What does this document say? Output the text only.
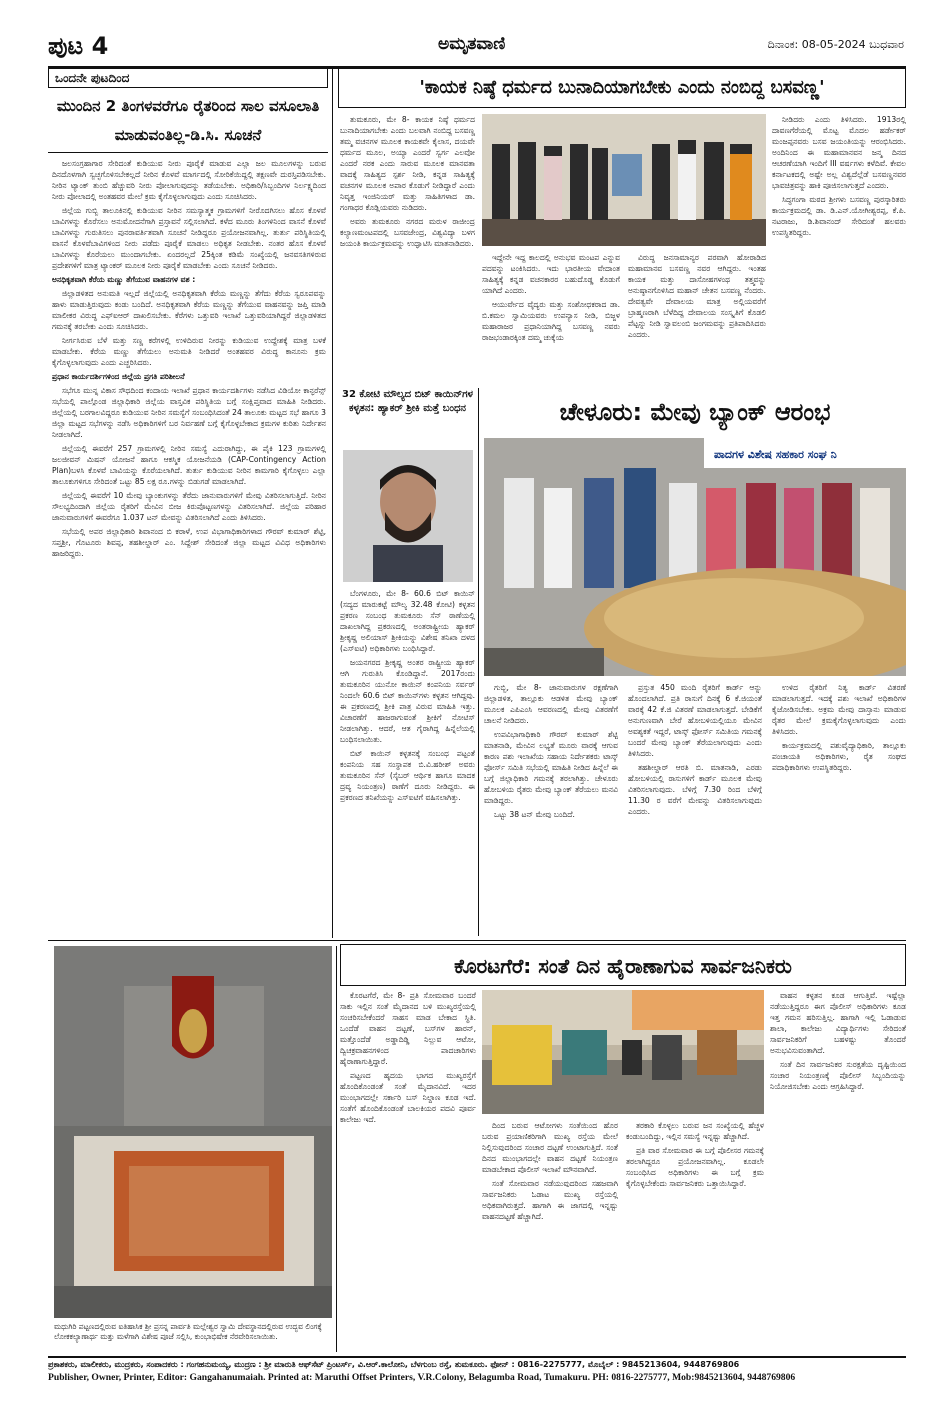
ಪುಟ 4	ಅಮೃತವಾಣಿ	ದಿನಾಂಕ: 08-05-2024 ಬುಧವಾರ
ಒಂದನೇ ಪುಟದಿಂದ
ಮುಂದಿನ 2 ತಿಂಗಳವರೆಗೂ ರೈತರಿಂದ ಸಾಲ ವಸೂಲಾತಿ ಮಾಡುವಂತಿಲ್ಲ-ಡಿ.ಸಿ. ಸೂಚನೆ

ಜಲಸಂಗ್ರಹಾಗಾರ ಸೇರಿದಂತೆ ಕುಡಿಯುವ ನೀರು ಪೂರೈಕೆ ಮಾಡುವ ಎಲ್ಲಾ ಜಲ ಮೂಲಗಳನ್ನು ಬರುವ ದಿನದೊಳಗಾಗಿ ಸ್ವಚ್ಛಗೊಳಿಸಬೇಕಲ್ಲದೆ ನೀರಿನ ಕೊಳವೆ ಮಾರ್ಗದಲ್ಲಿ ಸೋರಿಕೆಯಿದ್ದಲ್ಲಿ ತಕ್ಷಣವೇ ದುರಸ್ತಿಪಡಿಸಬೇಕು. ನೀರಿನ ಟ್ಯಾಂಕ್ ತುಂಬಿ ಹೆಚ್ಚುವರಿ ನೀರು ಪೋಲಾಗುವುದನ್ನು ತಡೆಯಬೇಕು. ಅಧಿಕಾರಿ/ಸಿಬ್ಬಂದಿಗಳ ನಿರ್ಲಕ್ಷ್ಯದಿಂದ ನೀರು ಪೋಲಾದಲ್ಲಿ ಅಂತಹವರ ಮೇಲೆ ಕ್ರಮ ಕೈಗೊಳ್ಳಲಾಗುವುದು ಎಂದು ಸೂಚಿಸಿದರು.

ಜಿಲ್ಲೆಯ ಗುಬ್ಬಿ ತಾಲೂಕಿನಲ್ಲಿ ಕುಡಿಯುವ ನೀರಿನ ಸಮಸ್ಯಾತ್ಮಕ ಗ್ರಾಮಗಳಿಗೆ ನೀರೊದಗಿಸಲು ಹೊಸ ಕೊಳವೆ ಬಾವಿಗಳನ್ನು ಕೊರೆಸಲು ಅನುಮೋದನೆಗಾಗಿ ಪ್ರಸ್ತಾವನೆ ಸಲ್ಲಿಸಲಾಗಿದೆ. ಕಳೆದ ಮೂರು ತಿಂಗಳಿನಿಂದ ವಾಸನೆ ಕೊಳವೆ ಬಾವಿಗಳನ್ನು ಗುರುತಿಸಲು ಪುನರಾವರ್ತಿತವಾಗಿ ಸೂಚನೆ ನೀಡಿದ್ದರೂ ಪ್ರಯೋಜನವಾಗಿಲ್ಲ. ತುರ್ತು ಪರಿಸ್ಥಿತಿಯಲ್ಲಿ ವಾಸನೆ ಕೊಳವೆಬಾವಿಗಳಿಂದ ನೀರು ಪಡೆದು ಪೂರೈಕೆ ಮಾಡಲು ಅಧಿಕೃತ ನೀಡಬೇಕು. ನಂತರ ಹೊಸ ಕೊಳವೆ ಬಾವಿಗಳನ್ನು ಕೊರೆಯಲು ಮುಂದಾಗಬೇಕು. ಏಂದರಲ್ಲದೆ 25ಕ್ಕಿಂತ ಕಡಿಮೆ ಸಂಖ್ಯೆಯಲ್ಲಿ ಜನವಸತಿಗಳಿರುವ ಪ್ರದೇಶಗಳಿಗೆ ಮಾತ್ರ ಟ್ಯಾಂಕರ್ ಮೂಲಕ ನೀರು ಪೂರೈಕೆ ಮಾಡಬೇಕು ಎಂದು ಸೂಚನೆ ನೀಡಿದರು.

ಅನಧಿಕೃತವಾಗಿ ಕೆರೆಯ ಮಣ್ಣು ತೆಗೆಯುವ ವಾಹನಗಳ ವಶ :

ಜಿಲ್ಲಾಡಳಿತದ ಅನುಮತಿ ಇಲ್ಲದೆ ಜಿಲ್ಲೆಯಲ್ಲಿ ಅನಧಿಕೃತವಾಗಿ ಕೆರೆಯ ಮಣ್ಣನ್ನು ತೆಗೆದು ಕೆರೆಯ ಸ್ವರೂಪವನ್ನು ಹಾಳು ಮಾಡುತ್ತಿರುವುದು ಕಂಡು ಬಂದಿದೆ. ಅನಧಿಕೃತವಾಗಿ ಕೆರೆಯ ಮಣ್ಣನ್ನು ತೆಗೆಯುವ ವಾಹನವನ್ನು ಜಪ್ತಿ ಮಾಡಿ ಮಾಲೀಕರ ವಿರುದ್ಧ ಎಫ್‌ಐಆರ್ ದಾಖಲಿಸಬೇಕು. ಕೆರೆಗಳು ಒತ್ತುವರಿ ಇಲಾಖೆ ಒತ್ತುವರಿಯಾಗಿದ್ದರೆ ಜಿಲ್ಲಾಡಳಿತದ ಗಮನಕ್ಕೆ ತರಬೇಕು ಎಂದು ಸೂಚಿಸಿದರು.

ನೀರ್ಗಸಿರುವ ಬೆಳೆ ಮತ್ತು ಸಣ್ಣ ಕರೆಗಳಲ್ಲಿ ಉಳಿದಿರುವ ನೀರನ್ನು ಕುಡಿಯುವ ಉದ್ದೇಶಕ್ಕೆ ಮಾತ್ರ ಬಳಕೆ ಮಾಡಬೇಕು. ಕೆರೆಯ ಮಣ್ಣು ತೆಗೆಯಲು ಅನುಮತಿ ನೀಡಿದರೆ ಅಂತಹವರ ವಿರುದ್ಧ ಕಾನೂನು ಕ್ರಮ ಕೈಗೊಳ್ಳಲಾಗುವುದು ಎಂದು ಎಚ್ಚರಿಸಿದರು.

ಪ್ರಧಾನ ಕಾರ್ಯದರ್ಶಿಗಳಿಂದ ಜಿಲ್ಲೆಯ ಪ್ರಗತಿ ಪರಿಶೀಲನೆ

ಸಭೆಗೂ ಮುನ್ನ ವಿಕಾಸ ಸೌಧದಿಂದ ಕಂದಾಯ ಇಲಾಖೆ ಪ್ರಧಾನ ಕಾರ್ಯದರ್ಶಿಗಳು ನಡೆಸಿದ ವಿಡಿಯೋ ಕಾನ್ಫರೆನ್ಸ್ ಸಭೆಯಲ್ಲಿ ಪಾಲ್ಗೊಂಡ ಜಿಲ್ಲಾಧಿಕಾರಿ ಜಿಲ್ಲೆಯ ವಾಸ್ತವಿಕ ಪರಿಸ್ಥಿತಿಯ ಬಗ್ಗೆ ಸಂಕ್ಷಿಪ್ತವಾದ ಮಾಹಿತಿ ನೀಡಿದರು. ಜಿಲ್ಲೆಯಲ್ಲಿ ಬರಗಾಲವಿದ್ದರೂ ಕುಡಿಯುವ ನೀರಿನ ಸಮಸ್ಯೆಗೆ ಸಂಬಂಧಿಸಿದಂತೆ 24 ತಾಲೂಕು ಮಟ್ಟದ ಸಭೆ ಹಾಗೂ 3 ಜಿಲ್ಲಾ ಮಟ್ಟದ ಸಭೆಗಳನ್ನು ನಡೆಸಿ ಅಧಿಕಾರಿಗಳಿಗೆ ಬರ ನಿರ್ವಹಣೆ ಬಗ್ಗೆ ಕೈಗೊಳ್ಳಬೇಕಾದ ಕ್ರಮಗಳ ಕುರಿತು ನಿರ್ದೇಶನ ನೀಡಲಾಗಿದೆ.

ಜಿಲ್ಲೆಯಲ್ಲಿ ಈವರೆಗೆ 257 ಗ್ರಾಮಗಳಲ್ಲಿ ನೀರಿನ ಸಮಸ್ಯೆ ಎದುರಾಗಿದ್ದು, ಈ ಪೈಕಿ 123 ಗ್ರಾಮಗಳಲ್ಲಿ ಜಲಜೀವನ್ ಮಿಷನ್ ಯೋಜನೆ ಹಾಗೂ ಆಕಸ್ಮಿಕ ಯೋಜನೆಯಡಿ (CAP-Contingency Action Plan)ಬಳಸಿ ಕೊಳವೆ ಬಾವಿಯನ್ನು ಕೊರೆಯಲಾಗಿದೆ. ತುರ್ತು ಕುಡಿಯುವ ನೀರಿನ ಕಾಮಗಾರಿ ಕೈಗೊಳ್ಳಲು ಎಲ್ಲಾ ತಾಲೂಕುಗಳಿಗೂ ಸೇರಿದಂತೆ ಒಟ್ಟು 85 ಲಕ್ಷ ರೂ.ಗಳನ್ನು ಬಿಡುಗಡೆ ಮಾಡಲಾಗಿದೆ.

ಜಿಲ್ಲೆಯಲ್ಲಿ ಈವರೆಗೆ 10 ಮೇವು ಬ್ಯಾಂಕುಗಳನ್ನು ತೆರೆದು ಜಾನುವಾರುಗಳಿಗೆ ಮೇವು ವಿತರಿಸಲಾಗುತ್ತಿದೆ. ನೀರಿನ ಸೌಲಭ್ಯದಿಂದಾಗಿ ಜಿಲ್ಲೆಯ ರೈತರಿಗೆ ಮೇವಿನ ಬೀಜ ಕಿರುಪೊಟ್ಟಣಗಳನ್ನು ವಿತರಿಸಲಾಗಿದೆ. ಜಿಲ್ಲೆಯ ಪರಿಹಾರ ಜಾನುವಾರುಗಳಿಗೆ ಈವರೆಗೂ 1.037 ಟನ್ ಮೇವನ್ನು ವಿತರಿಸಲಾಗಿದೆ ಎಂದು ತಿಳಿಸಿದರು.

ಸಭೆಯಲ್ಲಿ ಅಪರ ಜಿಲ್ಲಾಧಿಕಾರಿ ಶಿವಾನಂದ ಬಿ ಕರಾಳೆ, ಉಪ ವಿಭಾಗಾಧಿಕಾರಿಗಳಾದ ಗೌರವ್ ಕುಮಾರ್ ಶೆಟ್ಟಿ, ಸಪ್ತಶ್ರೀ, ಗೊಟೂರು ಶಿವಪ್ಪ, ತಹಶೀಲ್ದಾರ್ ಎಂ. ಸಿದ್ದೇಶ್ ಸೇರಿದಂತೆ ಜಿಲ್ಲಾ ಮಟ್ಟದ ವಿವಿಧ ಅಧಿಕಾರಿಗಳು ಹಾಜರಿದ್ದರು.

'ಕಾಯಕ ನಿಷ್ಠೆ ಧರ್ಮದ ಬುನಾದಿಯಾಗಬೇಕು ಎಂದು ನಂಬಿದ್ದ ಬಸವಣ್ಣ'

ತುಮಕೂರು, ಮೇ 8- ಕಾಯಕ ನಿಷ್ಠೆ ಧರ್ಮದ ಬುನಾದಿಯಾಗಬೇಕು ಎಂದು ಬಲವಾಗಿ ನಂಬಿದ್ದ ಬಸವಣ್ಣ ತಮ್ಮ ವಚನಗಳ ಮೂಲಕ ಕಾಯಕವೇ ಕೈಲಾಸ, ದಯವೇ ಧರ್ಮದ ಮೂಲ, ಅಯ್ಯಾ ಎಂದರೆ ಸ್ವರ್ಗ ಎಲವೋ ಎಂದರೆ ನರಕ ಎಂದು ಸಾರುವ ಮೂಲಕ ಮಾನವತಾ ವಾದಕ್ಕೆ ಸಾಹಿತ್ಯದ ಸ್ಪರ್ಶ ನೀಡಿ, ಕನ್ನಡ ಸಾಹಿತ್ಯಕ್ಕೆ ವಚನಗಳ ಮೂಲಕ ಅಪಾರ ಕೊಡುಗೆ ನೀಡಿದ್ದಾರೆ ಎಂದು ನಿವೃತ್ತ ಇಂಜಿನಿಯರ್ ಮತ್ತು ಸಾಹಿತಿಗಳಾದ ಡಾ. ಗಂಗಾಧರ ಕೊಡ್ಲಿಯವರು ನುಡಿದರು.

ಅವರು ತುಮಕೂರು ನಗರದ ಮರುಳ ರಾಜೀಂದ್ರ ಕಲ್ಯಾಣಮಂಟಪದಲ್ಲಿ ಬಸವಜೇಂದ್ರ, ವಿಶ್ವವಿದ್ಯಾ ಬಳಗ ಜಯಂತಿ ಕಾರ್ಯಕ್ರಮವನ್ನು ಉದ್ಘಾಟಿಸಿ ಮಾತನಾಡಿದರು.

ನೀಡಿದರು ಎಂದು ತಿಳಿಸಿದರು. 1913ರಲ್ಲಿ ದಾವಣಗೆರೆಯಲ್ಲಿ ಮೊಟ್ಟ ಮೊದಲ ಹರ್ಡೇಕರ್ ಮಂಜಪ್ಪನವರು ಬಸವ ಜಯಂತಿಯನ್ನು ಆರಂಭಿಸಿದರು. ಅಂದಿನಿಂದ ಈ ಮಹಾಮಾನವನ ಜನ್ಮ ದಿನದ ಆಚರಣೆಯಾಗಿ ಇಂದಿಗೆ III ವರ್ಷಗಳು ಕಳೆದಿವೆ. ಕೇವಲ ಕರ್ನಾಟಕದಲ್ಲಿ ಅಷ್ಟೇ ಅಲ್ಲ ವಿಶ್ವದೆಲ್ಲೆಡೆ ಬಸವಣ್ಣನವರ ಭಾವಚಿತ್ರವನ್ನು ಹಾಕಿ ಪೂಜಿಸಲಾಗುತ್ತದೆ ಎಂದರು.

ಸಿದ್ಧಗಂಗಾ ಮಠದ ಶ್ರೀಗಳು ಬಸವಣ್ಣ ಪುರಸ್ಕಾರಿತರು ಕಾರ್ಯಕ್ರಮದಲ್ಲಿ ಡಾ. ಡಿ.ಎನ್.ಯೋಗೀಶ್ವರಪ್ಪ, ಕೆ.ಪಿ. ನಟರಾಜು, ಡಿ.ಶಿವಾನಂದ್ ಸೇರಿದಂತೆ ಹಲವರು ಉಪಸ್ಥಿತರಿದ್ದರು.

ಇದ್ದೇನೇ ಇದ್ದ ಕಾಲದಲ್ಲಿ ಅನುಭವ ಮಂಟಪ ಎನ್ನುವ ಪದವನ್ನು ಟಂಕಿಸಿದರು. ಇದು ಭಾರತೀಯ ವೇದಾಂತ ಸಾಹಿತ್ಯಕ್ಕೆ ಕನ್ನಡ ವಚನಕಾರರ ಬಹುದೊಡ್ಡ ಕೊಡುಗೆ ಯಾಗಿದೆ ಎಂದರು.

ಆಯುರ್ವೇದ ವೈದ್ಯರು ಮತ್ತು ಸಂಶೋಧಕರಾದ ಡಾ. ಬಿ.ಕಮಲ ಸ್ವಾಮಿಯವರು ಉಪನ್ಯಾಸ ನೀಡಿ, ಬಿಜ್ಜಳ ಮಹಾರಾಜರ ಪ್ರಧಾನಿಯಾಗಿದ್ದ ಬಸವಣ್ಣ ನವರು ರಾಜಭಂಡಾರಕ್ಕಿಂತ ದಮ್ಮ ಚುಕ್ಕೆಯ

ವಿರುದ್ಧ ಜನಸಾಮಾನ್ಯರ ಪರವಾಗಿ ಹೋರಾಡಿದ ಮಹಾಮಾನವ ಬಸವಣ್ಣ ನವರ ಆಗಿದ್ದರು. ಇಂತಹ ಕಾಯಕ ಮತ್ತು ದಾಸೋಹಗಳಂಥ ತತ್ತ್ವವನ್ನು ಅನುಷ್ಠಾನಗೊಳಿಸಿದ ಮಹಾನ್ ಚೇತನ ಬಸವಣ್ಣ ನೆಂದರು. ದೇವತ್ವವೇ ದೇವಾಲಯ ಮಾತ್ರ ಅಲ್ಲಿಯವರೆಗೆ ಬ್ರಾಹ್ಮಣರಾಗಿ ಬೆಳೆದಿದ್ದ ದೇವಾಲಯ ಸಂಸ್ಕೃತಿಗೆ ಕೊಡಲಿ ಪೆಟ್ಟನ್ನು ನೀಡಿ ಸ್ವಾವಲಂಬಿ ಜಂಗಮವನ್ನು ಪ್ರತಿಪಾದಿಸಿದರು ಎಂದರು.

32 ಕೋಟಿ ಮೌಲ್ಯದ ಬಿಟ್ ಕಾಯಿನ್‌ಗಳ ಕಳ್ಳತನ: ಹ್ಯಾಕರ್ ಶ್ರೀಕಿ ಮತ್ತೆ ಬಂಧನ

ಬೆಂಗಳೂರು, ಮೇ 8- 60.6 ಬಿಟ್ ಕಾಯಿನ್ (ಸದ್ಯದ ಮಾರುಕಟ್ಟೆ ಮೌಲ್ಯ 32.48 ಕೋಟಿ) ಕಳ್ಳತನ ಪ್ರಕರಣ ಸಂಬಂಧ ತುಮಕೂರು ಸೆನ್ ಠಾಣೆಯಲ್ಲಿ ದಾಖಲಾಗಿದ್ದ ಪ್ರಕರಣದಲ್ಲಿ ಅಂತರಾಷ್ಟ್ರೀಯ ಹ್ಯಾಕರ್ ಶ್ರೀಕೃಷ್ಣ ಅಲಿಯಾಸ್ ಶ್ರೀಕಿಯನ್ನು ವಿಶೇಷ ತನಿಖಾ ದಳದ (ಎಸ್‌ಐಟಿ) ಅಧಿಕಾರಿಗಳು ಬಂಧಿಸಿದ್ದಾರೆ.

ಜಯನಗರದ ಶ್ರೀಕೃಷ್ಣ ಅಂತರ ರಾಷ್ಟ್ರೀಯ ಹ್ಯಾಕರ್ ಆಗಿ ಗುರುತಿಸಿ ಕೊಂಡಿದ್ದಾನೆ. 2017ರಂದು ತುಮಕೂರಿನ ಯುನೋ ಕಾಯಿನ್ ಕಂಪನಿಯ ಸರ್ವರ್ ನಿಂದಲೇ 60.6 ಬಿಟ್ ಕಾಯಿನ್‌ಗಳು ಕಳ್ಳತನ ಆಗಿದ್ದವು. ಈ ಪ್ರಕರಣದಲ್ಲಿ ಶ್ರೀಕಿ ಪಾತ್ರ ವಿರುವ ಮಾಹಿತಿ ಇತ್ತು. ವಿಚಾರಣೆಗೆ ಹಾಜರಾಗುವಂತೆ ಶ್ರೀಕಿಗೆ ನೋಟಿಸ್ ನೀಡಲಾಗಿತ್ತು. ಆದರೆ, ಆತ ಗೈರಾಗಿದ್ದ ಹಿನ್ನೆಲೆಯಲ್ಲಿ ಬಂಧಿಸಲಾಯಿತು.

ಬಿಟ್ ಕಾಯಿನ್ ಕಳ್ಳತನಕ್ಕೆ ಸಂಬಂಧ ಪಟ್ಟಂತೆ ಕಂಪನಿಯ ಸಹ ಸಂಸ್ಥಾಪಕ ಬಿ.ವಿ.ಹರೀಶ್ ಅವರು ತುಮಕೂರಿನ ಸೆನ್ (ಸೈಬರ್ ಆರ್ಥಿಕ ಹಾಗೂ ಮಾದಕ ದ್ರವ್ಯ ನಿಯಂತ್ರಣ) ಠಾಣೆಗೆ ದೂರು ನೀಡಿದ್ದರು. ಈ ಪ್ರಕರಣದ ತನಿಖೆಯನ್ನು ಎಸ್‌ಐಟಿಗೆ ವಹಿಸಲಾಗಿತ್ತು.

ಚೇಳೂರು: ಮೇವು ಬ್ಯಾಂಕ್ ಆರಂಭ
ಪಾದಗಳ ವಿಶೇಷ ಸಹಕಾರ ಸಂಘ ನಿ

ಗುಬ್ಬಿ, ಮೇ 8- ಜಾನುವಾರುಗಳ ರಕ್ಷಣೆಗಾಗಿ ಜಿಲ್ಲಾಡಳಿತ, ತಾಲ್ಲೂಕು ಆಡಳಿತ ಮೇವು ಬ್ಯಾಂಕ್ ಮೂಲಕ ಎಪಿಎಂಸಿ ಆವರಣದಲ್ಲಿ ಮೇವು ವಿತರಣೆಗೆ ಚಾಲನೆ ನೀಡಿದರು.

ಉಪವಿಭಾಗಾಧಿಕಾರಿ ಗೌರವ್ ಕುಮಾರ್ ಶೆಟ್ಟಿ ಮಾತನಾಡಿ, ಮೇವಿನ ಲಭ್ಯತೆ ಮೂರು ವಾರಕ್ಕೆ ಆಗುವ ಕಾರಣ ಪಶು ಇಲಾಖೆಯ ಸಹಾಯ ನಿರ್ದೇಶಕರು ಟಾಸ್ಕ್ ಫೋರ್ಸ್ ಸಮಿತಿ ಸಭೆಯಲ್ಲಿ ಮಾಹಿತಿ ನೀಡಿದ ಹಿನ್ನೆಲೆ ಈ ಬಗ್ಗೆ ಜಿಲ್ಲಾಧಿಕಾರಿ ಗಮನಕ್ಕೆ ತರಲಾಗಿತ್ತು. ಚೇಳೂರು ಹೋಬಳಿಯ ರೈತರು ಮೇವು ಬ್ಯಾಂಕ್ ತೆರೆಯಲು ಮನವಿ ಮಾಡಿದ್ದರು.

ಒಟ್ಟು 38 ಟನ್ ಮೇವು ಬಂದಿದೆ.

ಪ್ರಸ್ತುತ 450 ಮಂದಿ ರೈತರಿಗೆ ಕಾರ್ಡ್ ಆನ್ನು ಹೊಂದಲಾಗಿದೆ. ಪ್ರತಿ ರಾಸುಗೆ ದಿನಕ್ಕೆ 6 ಕೆ.ಜಿಯಂತೆ ವಾರಕ್ಕೆ 42 ಕೆ.ಜಿ ವಿತರಣೆ ಮಾಡಲಾಗುತ್ತದೆ. ಬೇಡಿಕೆಗೆ ಅನುಗುಣವಾಗಿ ಬೇರೆ ಹೋಬಳಿಯಲ್ಲಿಯೂ ಮೇವಿನ ಅವಶ್ಯಕತೆ ಇದ್ದರೆ, ಟಾಸ್ಕ್ ಫೋರ್ಸ್ ಸಮಿತಿಯ ಗಮನಕ್ಕೆ ಬಂದರೆ ಮೇವು ಬ್ಯಾಂಕ್ ತೆರೆಯಲಾಗುವುದು ಎಂದು ತಿಳಿಸಿದರು.

ತಹಶೀಲ್ದಾರ್ ಆರತಿ ಬಿ. ಮಾತನಾಡಿ, ಎರಡು ಹೋಬಳಿಯಲ್ಲಿ ರಾಸುಗಳಿಗೆ ಕಾರ್ಡ್ ಮೂಲಕ ಮೇವು ವಿತರಿಸಲಾಗುವುದು. ಬೆಳಿಗ್ಗೆ 7.30 ರಿಂದ ಬೆಳಿಗ್ಗೆ 11.30 ರ ವರೆಗೆ ಮೇವನ್ನು ವಿತರಿಸಲಾಗುವುದು ಎಂದರು.

ಉಳಿದ ರೈತರಿಗೆ ನಿತ್ಯ ಕಾರ್ಡ್ ವಿತರಣೆ ಮಾಡಲಾಗುತ್ತದೆ. ಇದಕ್ಕೆ ಪಶು ಇಲಾಖೆ ಅಧಿಕಾರಿಗಳ ಕೈಜೋಡಿಸಬೇಕು. ಅಕ್ರಮ ಮೇವು ದಾಸ್ತಾನು ಮಾಡುವ ರೈತರ ಮೇಲೆ ಕ್ರಮಕೈಗೊಳ್ಳಲಾಗುವುದು ಎಂದು ತಿಳಿಸಿದರು.

ಕಾರ್ಯಕ್ರಮದಲ್ಲಿ ಪಶುವೈದ್ಯಾಧಿಕಾರಿ, ತಾಲ್ಲೂಕು ಪಂಚಾಯತಿ ಅಧಿಕಾರಿಗಳು, ರೈತ ಸಂಘದ ಪದಾಧಿಕಾರಿಗಳು ಉಪಸ್ಥಿತರಿದ್ದರು.

ಮಧುಗಿರಿ ಪಟ್ಟಣದಲ್ಲಿರುವ ಐತಿಹಾಸಿಕ ಶ್ರೀ ಪ್ರಸನ್ನ ಪಾರ್ವತಿ ಮಲ್ಲೇಶ್ವರ ಸ್ವಾಮಿ ದೇವಸ್ಥಾನದಲ್ಲಿರುವ ಉದ್ಭವ ಲಿಂಗಕ್ಕೆ ಲೋಕಕಲ್ಯಾಣಾರ್ಥ ಮತ್ತು ಮಳೆಗಾಗಿ ವಿಶೇಷ ಪೂಜೆ ಸಲ್ಲಿಸಿ, ಕುಂಭಾಭಿಷೇಕ ನೆರವೇರಿಸಲಾಯಿತು.
ಕೊರಟಗೆರೆ: ಸಂತೆ ದಿನ ಹೈರಾಣಾಗುವ ಸಾರ್ವಜನಿಕರು

ಕೊರಟಗೆರೆ, ಮೇ 8- ಪ್ರತಿ ಸೋಮವಾರ ಬಂದರೆ ಸಾಕು ಇಲ್ಲಿನ ಸಂತೆ ಮೈದಾನದ ಬಳಿ ಮುಖ್ಯರಸ್ತೆಯಲ್ಲಿ ಸಂಚರಿಸಬೇಕೆಂದರೆ ಸಾಹಸ ಮಾಡ ಬೇಕಾದ ಸ್ಥಿತಿ. ಒಂದೆಡೆ ವಾಹನ ದಟ್ಟಣೆ, ಬಸ್‌ಗಳ ಹಾರನ್, ಮತ್ತೊಂದೆಡೆ ಅಡ್ಡಾದಿಡ್ಡಿ ನಿಲ್ಲುವ ಆಟೋ, ದ್ವಿಚಕ್ರವಾಹನಗಳಿಂದ ಪಾದಚಾರಿಗಳು ಹೈರಾಣಾಗುತ್ತಿದ್ದಾರೆ.

ಪಟ್ಟಣದ ಹೃದಯ ಭಾಗದ ಮುಖ್ಯರಸ್ತೆಗೆ ಹೊಂದಿಕೊಂಡಂತೆ ಸಂತೆ ಮೈದಾನವಿದೆ. ಇದರ ಮುಂಭಾಗದಲ್ಲೇ ಸರ್ಕಾರಿ ಬಸ್ ನಿಲ್ದಾಣ ಕೂಡ ಇದೆ. ಸಂತೆಗೆ ಹೊಂದಿಕೊಂಡಂತೆ ಬಾಲಕಿಯರ ಪದವಿ ಪೂರ್ವ ಕಾಲೇಜು ಇದೆ.

ದಿಂದ ಬರುವ ಆಟೋಗಳು ಸಂತೆಯಿಂದ ಹೊರ ಬರುವ ಪ್ರಯಾಣಿಕರಿಗಾಗಿ ಮುಖ್ಯ ರಸ್ತೆಯ ಮೇಲೆ ನಿಲ್ಲಿಸುವುದರಿಂದ ಸಂಚಾರ ದಟ್ಟಣೆ ಉಂಟಾಗುತ್ತಿದೆ. ಸಂತೆ ದಿನದ ಮುಂಭಾಗದಲ್ಲೇ ವಾಹನ ದಟ್ಟಣೆ ನಿಯಂತ್ರಣ ಮಾಡಬೇಕಾದ ಪೊಲೀಸ್ ಇಲಾಖೆ ಮೌನವಾಗಿದೆ.

ಸಂತೆ ಸೋಮವಾರ ನಡೆಯುವುದರಿಂದ ಸಹಜವಾಗಿ ಸಾರ್ವಜನಿಕರು ಓಡಾಟ ಮುಖ್ಯ ರಸ್ತೆಯಲ್ಲಿ ಅಧಿಕವಾಗಿರುತ್ತದೆ. ಹಾಗಾಗಿ ಈ ಜಾಗದಲ್ಲಿ ಇನ್ನಷ್ಟು ವಾಹನದಟ್ಟಣೆ ಹೆಚ್ಚಾಗಿದೆ.

ತರಕಾರಿ ಕೊಳ್ಳಲು ಬರುವ ಜನ ಸಂಖ್ಯೆಯಲ್ಲಿ ಹೆಚ್ಚಳ ಕಂಡುಬಂದಿದ್ದು, ಇಲ್ಲಿನ ಸಮಸ್ಯೆ ಇನ್ನಷ್ಟು ಹೆಚ್ಚಾಗಿದೆ.

ಪ್ರತಿ ವಾರ ಸೋಮವಾರ ಈ ಬಗ್ಗೆ ಪೊಲೀಸರ ಗಮನಕ್ಕೆ ತರಲಾಗಿದ್ದರೂ ಪ್ರಯೋಜನವಾಗಿಲ್ಲ. ಕೂಡಲೇ ಸಂಬಂಧಿಸಿದ ಅಧಿಕಾರಿಗಳು ಈ ಬಗ್ಗೆ ಕ್ರಮ ಕೈಗೊಳ್ಳಬೇಕೆಂದು ಸಾರ್ವಜನಿಕರು ಒತ್ತಾಯಿಸಿದ್ದಾರೆ.

ವಾಹನ ಕಳ್ಳತನ ಕೂಡ ಆಗುತ್ತಿವೆ. ಇಷ್ಟೆಲ್ಲಾ ನಡೆಯುತ್ತಿದ್ದರೂ ಈಗ ಪೊಲೀಸ್ ಅಧಿಕಾರಿಗಳು ಕೂಡ ಇತ್ತ ಗಮನ ಹರಿಸುತ್ತಿಲ್ಲ. ಹಾಗಾಗಿ ಇಲ್ಲಿ ಓಡಾಡುವ ಶಾಲಾ, ಕಾಲೇಜು ವಿದ್ಯಾರ್ಥಿಗಳು ಸೇರಿದಂತೆ ಸಾರ್ವಜನಿಕರಿಗೆ ಬಹಳಷ್ಟು ತೊಂದರೆ ಅನುಭವಿಸುವಂತಾಗಿದೆ.

ಸಂತೆ ದಿನ ಸಾರ್ವಜನಿಕರ ಸುರಕ್ಷತೆಯ ದೃಷ್ಟಿಯಿಂದ ಸಂಚಾರ ನಿಯಂತ್ರಣಕ್ಕೆ ಪೊಲೀಸ್ ಸಿಬ್ಬಂದಿಯನ್ನು ನಿಯೋಜಿಸಬೇಕು ಎಂದು ಆಗ್ರಹಿಸಿದ್ದಾರೆ.

ಪ್ರಕಾಶಕರು, ಮಾಲೀಕರು, ಮುದ್ರಕರು, ಸಂಪಾದಕರು : ಗಂಗಹನುಮಯ್ಯ, ಮುದ್ರಣ : ಶ್ರೀ ಮಾರುತಿ ಆಫ್‌ಸೆಟ್ ಪ್ರಿಂಟರ್ಸ್, ವಿ.ಆರ್.ಕಾಲೋನಿ, ಬೆಳಗುಂಬ ರಸ್ತೆ, ತುಮಕೂರು. ಫೋನ್ : 0816-2275777, ಮೊಬೈಲ್ : 9845213604, 9448769806
Publisher, Owner, Printer, Editor: Gangahanumaiah. Printed at: Maruthi Offset Printers, V.R.Colony, Belagumba Road, Tumakuru. PH: 0816-2275777, Mob:9845213604, 9448769806
